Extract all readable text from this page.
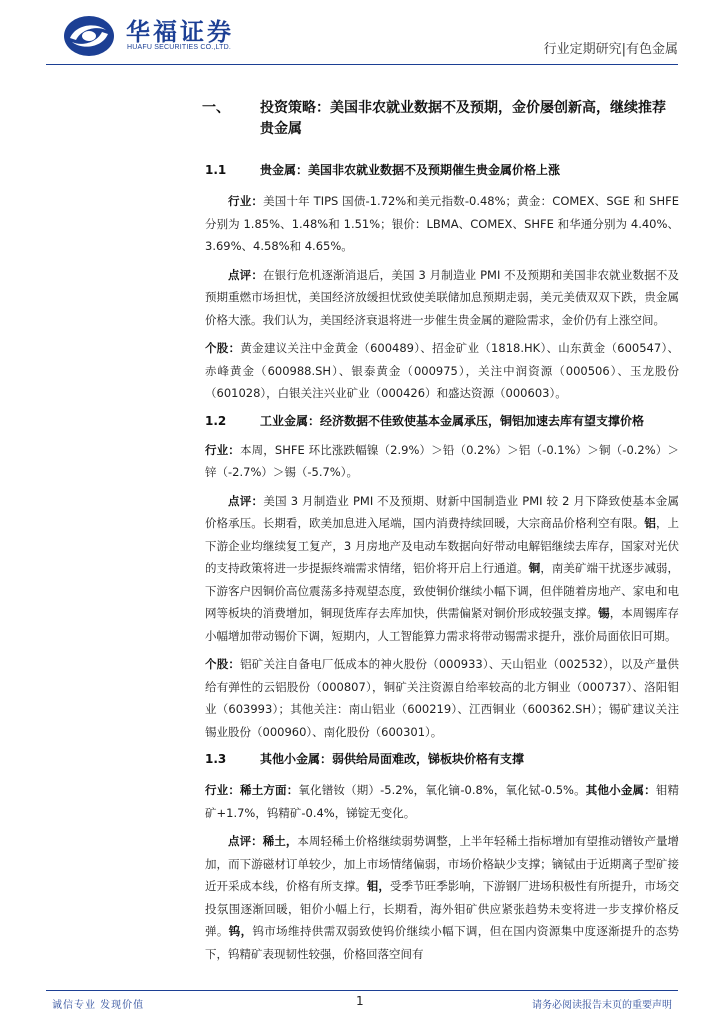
华福证券
HUAFU SECURITIES CO.,LTD.	行业定期研究|有色金属
一、	投资策略：美国非农就业数据不及预期，金价屡创新高，继续推荐贵金属
1.1	贵金属：美国非农就业数据不及预期催生贵金属价格上涨

行业：美国十年 TIPS 国债-1.72%和美元指数-0.48%；黄金：COMEX、SGE 和 SHFE 分别为 1.85%、1.48%和 1.51%；银价：LBMA、COMEX、SHFE 和华通分别为 4.40%、3.69%、4.58%和 4.65%。

点评：在银行危机逐渐消退后，美国 3 月制造业 PMI 不及预期和美国非农就业数据不及预期重燃市场担忧，美国经济放缓担忧致使美联储加息预期走弱，美元美债双双下跌，贵金属价格大涨。我们认为，美国经济衰退将进一步催生贵金属的避险需求，金价仍有上涨空间。

个股：黄金建议关注中金黄金（600489）、招金矿业（1818.HK）、山东黄金（600547）、赤峰黄金（600988.SH）、银泰黄金（000975），关注中润资源（000506）、玉龙股份（601028），白银关注兴业矿业（000426）和盛达资源（000603）。

1.2	工业金属：经济数据不佳致使基本金属承压，铜铝加速去库有望支撑价格

行业：本周，SHFE 环比涨跌幅镍（2.9%）＞铅（0.2%）＞铝（-0.1%）＞铜（-0.2%）＞锌（-2.7%）＞锡（-5.7%）。

点评：美国 3 月制造业 PMI 不及预期、财新中国制造业 PMI 较 2 月下降致使基本金属价格承压。长期看，欧美加息进入尾端，国内消费持续回暖，大宗商品价格利空有限。铝，上下游企业均继续复工复产，3 月房地产及电动车数据向好带动电解铝继续去库存，国家对光伏的支持政策将进一步提振终端需求情绪，铝价将开启上行通道。铜，南美矿端干扰逐步减弱，下游客户因铜价高位震荡多持观望态度，致使铜价继续小幅下调，但伴随着房地产、家电和电网等板块的消费增加，铜现货库存去库加快，供需偏紧对铜价形成较强支撑。锡，本周锡库存小幅增加带动锡价下调，短期内，人工智能算力需求将带动锡需求提升，涨价局面依旧可期。

个股：铝矿关注自备电厂低成本的神火股份（000933）、天山铝业（002532），以及产量供给有弹性的云铝股份（000807），铜矿关注资源自给率较高的北方铜业（000737）、洛阳钼业（603993）；其他关注：南山铝业（600219）、江西铜业（600362.SH）；锡矿建议关注锡业股份（000960）、南化股份（600301）。

1.3	其他小金属：弱供给局面难改，锑板块价格有支撑

行业：稀土方面：氧化镨钕（期）-5.2%，氧化镝-0.8%，氧化铽-0.5%。其他小金属：钼精矿+1.7%，钨精矿-0.4%，锑锭无变化。

点评：稀土，本周轻稀土价格继续弱势调整，上半年轻稀土指标增加有望推动镨钕产量增加，而下游磁材订单较少，加上市场情绪偏弱，市场价格缺少支撑；镝铽由于近期离子型矿接近开采成本线，价格有所支撑。钼，受季节旺季影响，下游钢厂进场积极性有所提升，市场交投氛围逐渐回暖，钼价小幅上行，长期看，海外钼矿供应紧张趋势未变将进一步支撑价格反弹。钨，钨市场维持供需双弱致使钨价继续小幅下调，但在国内资源集中度逐渐提升的态势下，钨精矿表现韧性较强，价格回落空间有

诚信专业 发现价值	1	请务必阅读报告末页的重要声明
